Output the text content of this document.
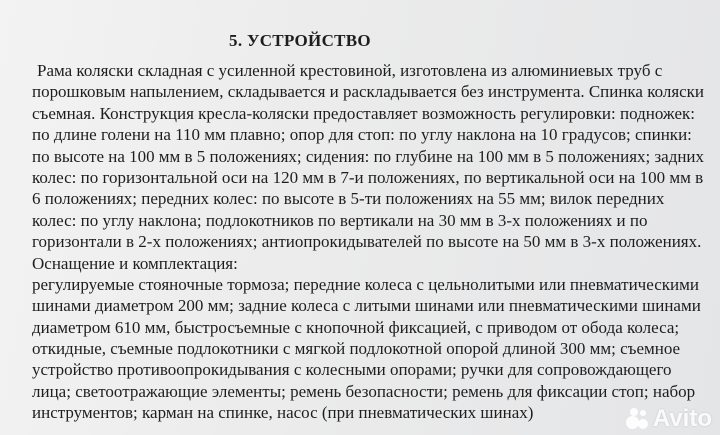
5. УСТРОЙСТВО
Рама коляски складная с усиленной крестовиной, изготовлена из алюминиевых труб с
порошковым напылением, складывается и раскладывается без инструмента. Спинка коляски
съемная. Конструкция кресла-коляски предоставляет возможность регулировки: подножек:
по длине голени на 110 мм плавно; опор для стоп: по углу наклона на 10 градусов; спинки:
по высоте на 100 мм в 5 положениях; сидения: по глубине на 100 мм в 5 положениях; задних
колес: по горизонтальной оси на 120 мм в 7-и положениях, по вертикальной оси на 100 мм в
6 положениях; передних колес: по высоте в 5-ти положениях на 55 мм; вилок передних
колес: по углу наклона; подлокотников по вертикали на 30 мм в 3-х положениях и по
горизонтали в 2-х положениях; антиопрокидывателей по высоте на 50 мм в 3-х положениях.
Оснащение и комплектация:
регулируемые стояночные тормоза; передние колеса с цельнолитыми или пневматическими
шинами диаметром 200 мм; задние колеса с литыми шинами или пневматическими шинами
диаметром 610 мм, быстросъемные с кнопочной фиксацией, с приводом от обода колеса;
откидные, съемные подлокотники с мягкой подлокотной опорой длиной 300 мм; съемное
устройство противоопрокидывания с колесными опорами; ручки для сопровождающего
лица; светоотражающие элементы; ремень безопасности; ремень для фиксации стоп; набор
инструментов; карман на спинке, насос (при пневматических шинах)	Avito
